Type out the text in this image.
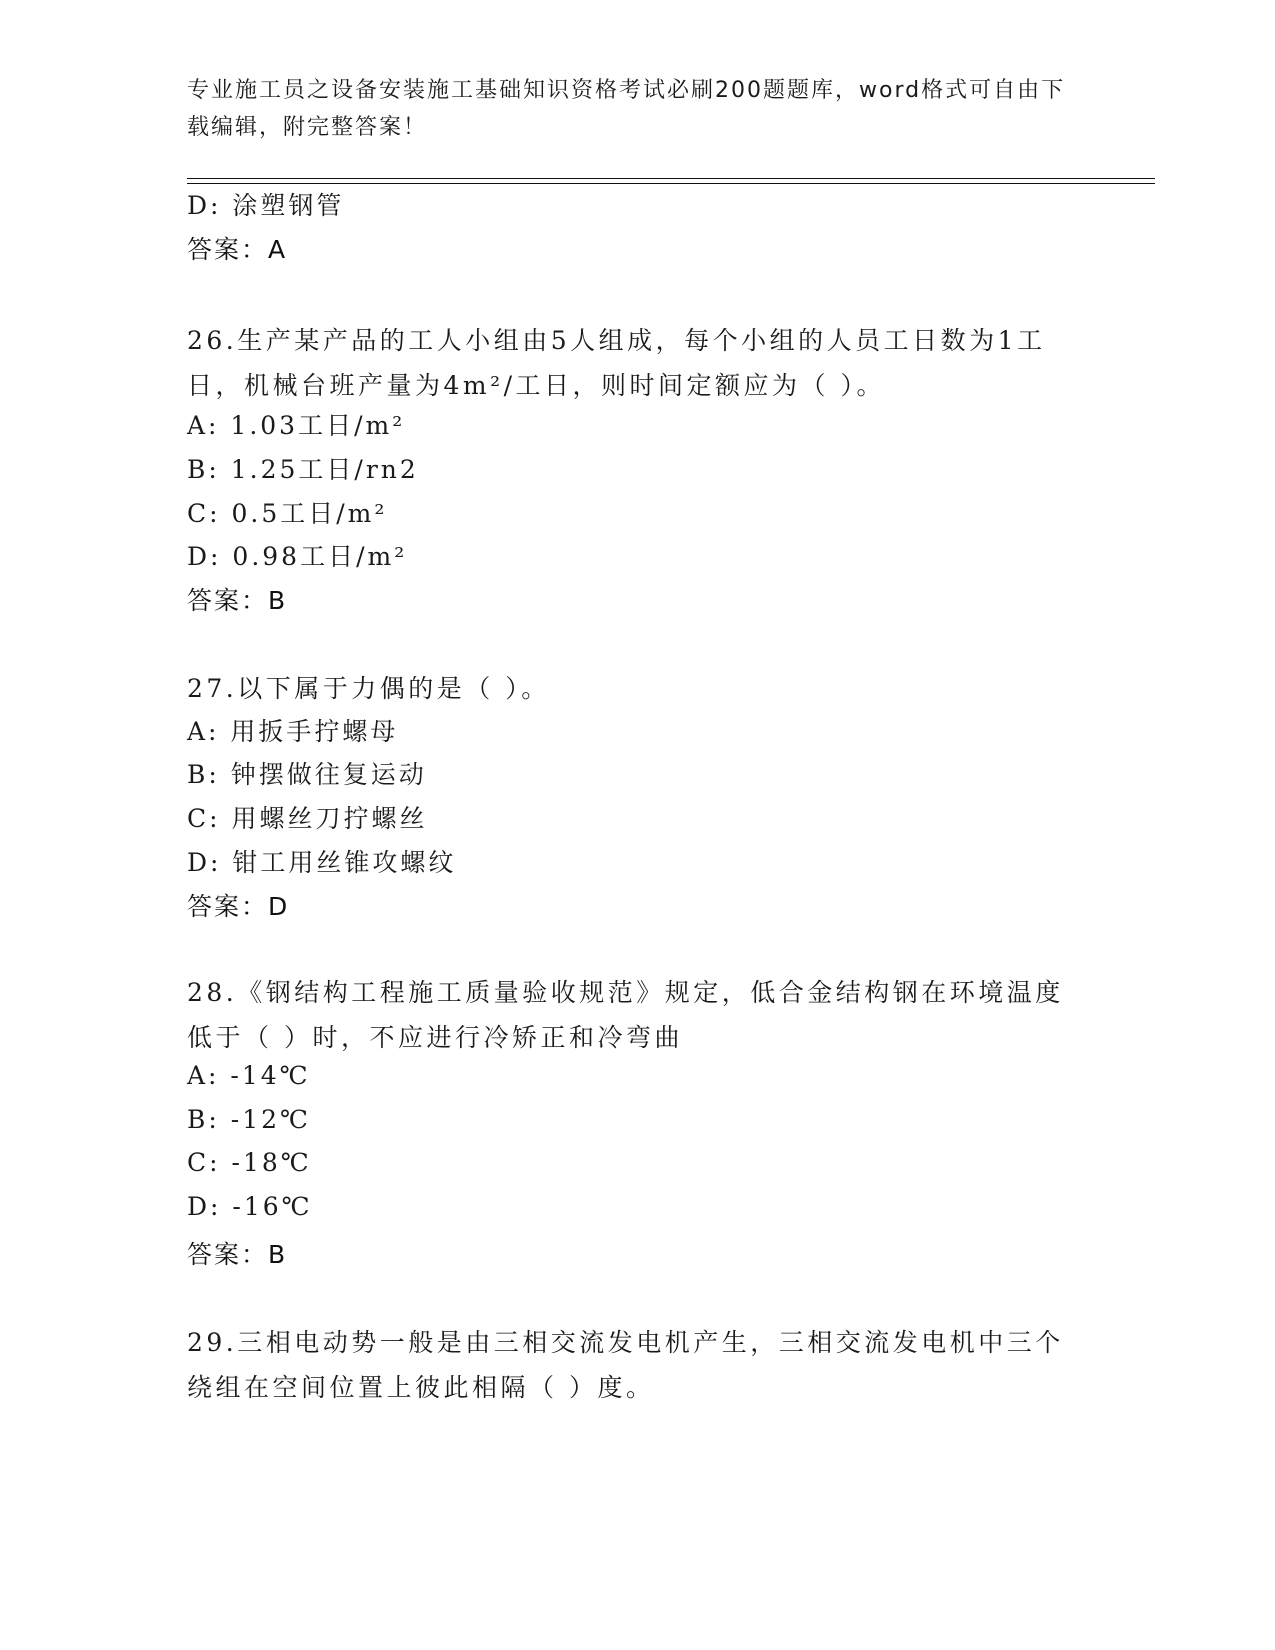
专业施工员之设备安装施工基础知识资格考试必刷200题题库，word格式可自由下载编辑，附完整答案！
D: 涂塑钢管
答案：A
26.生产某产品的工人小组由5人组成，每个小组的人员工日数为1工日，机械台班产量为4m²/工日，则时间定额应为（ ）。
A: 1.03工日/m²
B: 1.25工日/rn2
C: 0.5工日/m²
D: 0.98工日/m²
答案：B
27.以下属于力偶的是（ ）。
A: 用扳手拧螺母
B: 钟摆做往复运动
C: 用螺丝刀拧螺丝
D: 钳工用丝锥攻螺纹
答案：D
28.《钢结构工程施工质量验收规范》规定，低合金结构钢在环境温度低于（ ）时，不应进行冷矫正和冷弯曲
A: -14℃
B: -12℃
C: -18℃
D: -16℃
答案：B
29.三相电动势一般是由三相交流发电机产生，三相交流发电机中三个绕组在空间位置上彼此相隔（ ）度。
